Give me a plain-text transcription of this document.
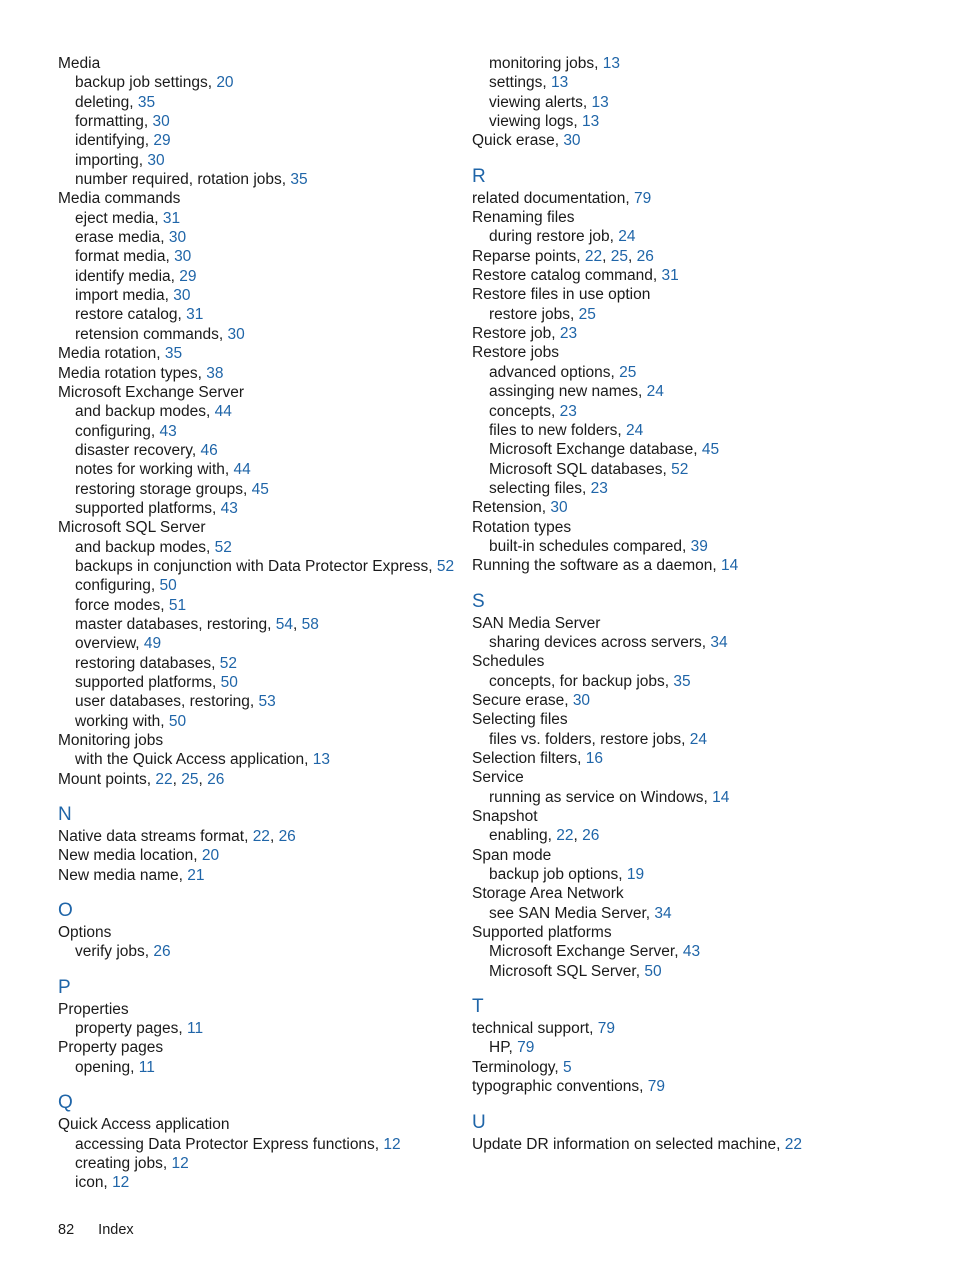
Media
backup job settings, 20
deleting, 35
formatting, 30
identifying, 29
importing, 30
number required, rotation jobs, 35
Media commands
eject media, 31
erase media, 30
format media, 30
identify media, 29
import media, 30
restore catalog, 31
retension commands, 30
Media rotation, 35
Media rotation types, 38
Microsoft Exchange Server
and backup modes, 44
configuring, 43
disaster recovery, 46
notes for working with, 44
restoring storage groups, 45
supported platforms, 43
Microsoft SQL Server
and backup modes, 52
backups in conjunction with Data Protector Express, 52
configuring, 50
force modes, 51
master databases, restoring, 54, 58
overview, 49
restoring databases, 52
supported platforms, 50
user databases, restoring, 53
working with, 50
Monitoring jobs
with the Quick Access application, 13
Mount points, 22, 25, 26
N
Native data streams format, 22, 26
New media location, 20
New media name, 21
O
Options
verify jobs, 26
P
Properties
property pages, 11
Property pages
opening, 11
Q
Quick Access application
accessing Data Protector Express functions, 12
creating jobs, 12
icon, 12
monitoring jobs, 13
settings, 13
viewing alerts, 13
viewing logs, 13
Quick erase, 30
R
related documentation, 79
Renaming files
during restore job, 24
Reparse points, 22, 25, 26
Restore catalog command, 31
Restore files in use option
restore jobs, 25
Restore job, 23
Restore jobs
advanced options, 25
assinging new names, 24
concepts, 23
files to new folders, 24
Microsoft Exchange database, 45
Microsoft SQL databases, 52
selecting files, 23
Retension, 30
Rotation types
built-in schedules compared, 39
Running the software as a daemon, 14
S
SAN Media Server
sharing devices across servers, 34
Schedules
concepts, for backup jobs, 35
Secure erase, 30
Selecting files
files vs. folders, restore jobs, 24
Selection filters, 16
Service
running as service on Windows, 14
Snapshot
enabling, 22, 26
Span mode
backup job options, 19
Storage Area Network
see SAN Media Server, 34
Supported platforms
Microsoft Exchange Server, 43
Microsoft SQL Server, 50
T
technical support, 79
HP, 79
Terminology, 5
typographic conventions, 79
U
Update DR information on selected machine, 22
82 Index
